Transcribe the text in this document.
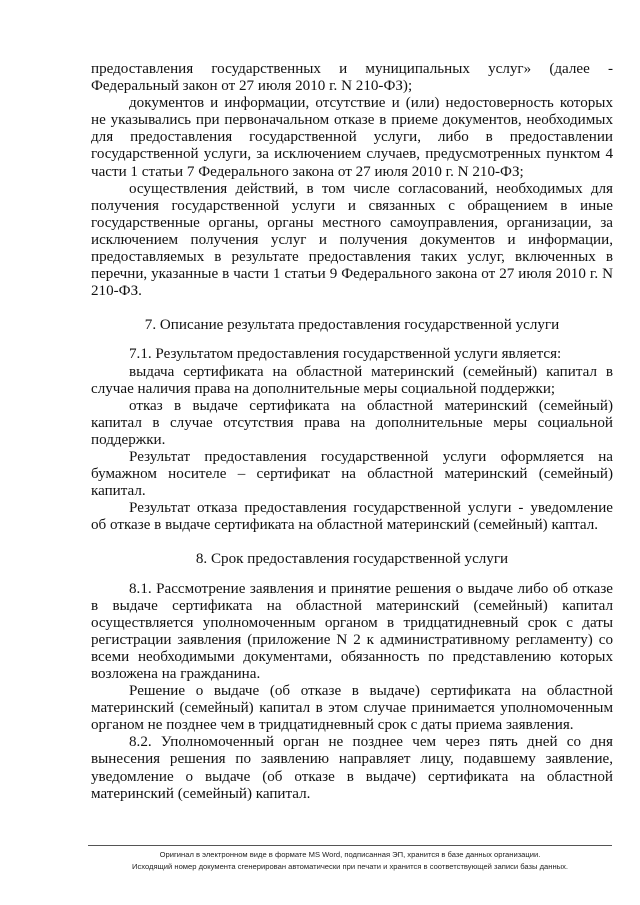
предоставления государственных и муниципальных услуг» (далее - Федеральный закон от 27 июля 2010 г. N 210-ФЗ);

документов и информации, отсутствие и (или) недостоверность которых не указывались при первоначальном отказе в приеме документов, необходимых для предоставления государственной услуги, либо в предоставлении государственной услуги, за исключением случаев, предусмотренных пунктом 4 части 1 статьи 7 Федерального закона от 27 июля 2010 г. N 210-ФЗ;

осуществления действий, в том числе согласований, необходимых для получения государственной услуги и связанных с обращением в иные государственные органы, органы местного самоуправления, организации, за исключением получения услуг и получения документов и информации, предоставляемых в результате предоставления таких услуг, включенных в перечни, указанные в части 1 статьи 9 Федерального закона от 27 июля 2010 г. N 210-ФЗ.

7. Описание результата предоставления государственной услуги

7.1. Результатом предоставления государственной услуги является:

выдача сертификата на областной материнский (семейный) капитал в случае наличия права на дополнительные меры социальной поддержки;

отказ в выдаче сертификата на областной материнский (семейный) капитал в случае отсутствия права на дополнительные меры социальной поддержки.

Результат предоставления государственной услуги оформляется на бумажном носителе – сертификат на областной материнский (семейный) капитал.

Результат отказа предоставления государственной услуги - уведомление об отказе в выдаче сертификата на областной материнский (семейный) каптал.

8. Срок предоставления государственной услуги

8.1. Рассмотрение заявления и принятие решения о выдаче либо об отказе в выдаче сертификата на областной материнский (семейный) капитал осуществляется уполномоченным органом в тридцатидневный срок с даты регистрации заявления (приложение N 2 к административному регламенту) со всеми необходимыми документами, обязанность по представлению которых возложена на гражданина.

Решение о выдаче (об отказе в выдаче) сертификата на областной материнский (семейный) капитал в этом случае принимается уполномоченным органом не позднее чем в тридцатидневный срок с даты приема заявления.

8.2. Уполномоченный орган не позднее чем через пять дней со дня вынесения решения по заявлению направляет лицу, подавшему заявление, уведомление о выдаче (об отказе в выдаче) сертификата на областной материнский (семейный) капитал.

Оригинал в электронном виде в формате MS Word, подписанная ЭП, хранится в базе данных организации.
Исходящий номер документа сгенерирован автоматически при печати и хранится в соответствующей записи базы данных.
